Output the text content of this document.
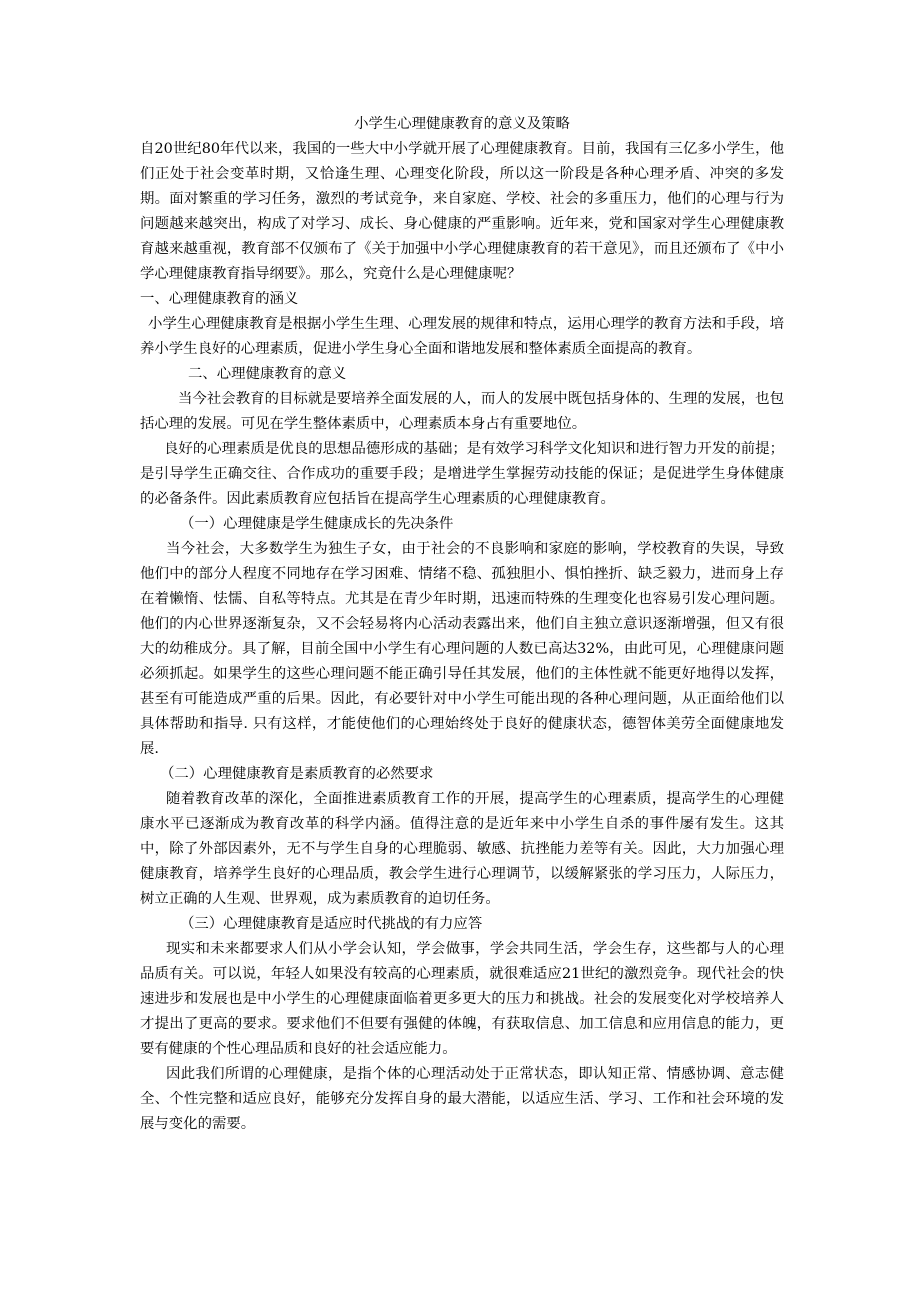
小学生心理健康教育的意义及策略

自20世纪80年代以来，我国的一些大中小学就开展了心理健康教育。目前，我国有三亿多小学生，他们正处于社会变革时期，又恰逢生理、心理变化阶段，所以这一阶段是各种心理矛盾、冲突的多发期。面对繁重的学习任务，激烈的考试竞争，来自家庭、学校、社会的多重压力，他们的心理与行为问题越来越突出，构成了对学习、成长、身心健康的严重影响。近年来，党和国家对学生心理健康教育越来越重视，教育部不仅颁布了《关于加强中小学心理健康教育的若干意见》，而且还颁布了《中小学心理健康教育指导纲要》。那么，究竟什么是心理健康呢？

一、心理健康教育的涵义

小学生心理健康教育是根据小学生生理、心理发展的规律和特点，运用心理学的教育方法和手段，培养小学生良好的心理素质，促进小学生身心全面和谐地发展和整体素质全面提高的教育。

二、心理健康教育的意义

当今社会教育的目标就是要培养全面发展的人，而人的发展中既包括身体的、生理的发展，也包括心理的发展。可见在学生整体素质中，心理素质本身占有重要地位。

良好的心理素质是优良的思想品德形成的基础；是有效学习科学文化知识和进行智力开发的前提；是引导学生正确交往、合作成功的重要手段；是增进学生掌握劳动技能的保证；是促进学生身体健康的必备条件。因此素质教育应包括旨在提高学生心理素质的心理健康教育。

（一）心理健康是学生健康成长的先决条件

当今社会，大多数学生为独生子女，由于社会的不良影响和家庭的影响，学校教育的失误，导致他们中的部分人程度不同地存在学习困难、情绪不稳、孤独胆小、惧怕挫折、缺乏毅力，进而身上存在着懒惰、怯懦、自私等特点。尤其是在青少年时期，迅速而特殊的生理变化也容易引发心理问题。他们的内心世界逐渐复杂，又不会轻易将内心活动表露出来，他们自主独立意识逐渐增强，但又有很大的幼稚成分。具了解，目前全国中小学生有心理问题的人数已高达32%，由此可见，心理健康问题必须抓起。如果学生的这些心理问题不能正确引导任其发展，他们的主体性就不能更好地得以发挥，甚至有可能造成严重的后果。因此，有必要针对中小学生可能出现的各种心理问题，从正面给他们以具体帮助和指导. 只有这样，才能使他们的心理始终处于良好的健康状态，德智体美劳全面健康地发展.

（二）心理健康教育是素质教育的必然要求

随着教育改革的深化，全面推进素质教育工作的开展，提高学生的心理素质，提高学生的心理健康水平已逐渐成为教育改革的科学内涵。值得注意的是近年来中小学生自杀的事件屡有发生。这其中，除了外部因素外，无不与学生自身的心理脆弱、敏感、抗挫能力差等有关。因此，大力加强心理健康教育，培养学生良好的心理品质，教会学生进行心理调节，以缓解紧张的学习压力，人际压力，树立正确的人生观、世界观，成为素质教育的迫切任务。

（三）心理健康教育是适应时代挑战的有力应答

现实和未来都要求人们从小学会认知，学会做事，学会共同生活，学会生存，这些都与人的心理品质有关。可以说，年轻人如果没有较高的心理素质，就很难适应21世纪的激烈竞争。现代社会的快速进步和发展也是中小学生的心理健康面临着更多更大的压力和挑战。社会的发展变化对学校培养人才提出了更高的要求。要求他们不但要有强健的体魄，有获取信息、加工信息和应用信息的能力，更要有健康的个性心理品质和良好的社会适应能力。

因此我们所谓的心理健康，是指个体的心理活动处于正常状态，即认知正常、情感协调、意志健全、个性完整和适应良好，能够充分发挥自身的最大潜能，以适应生活、学习、工作和社会环境的发展与变化的需要。
